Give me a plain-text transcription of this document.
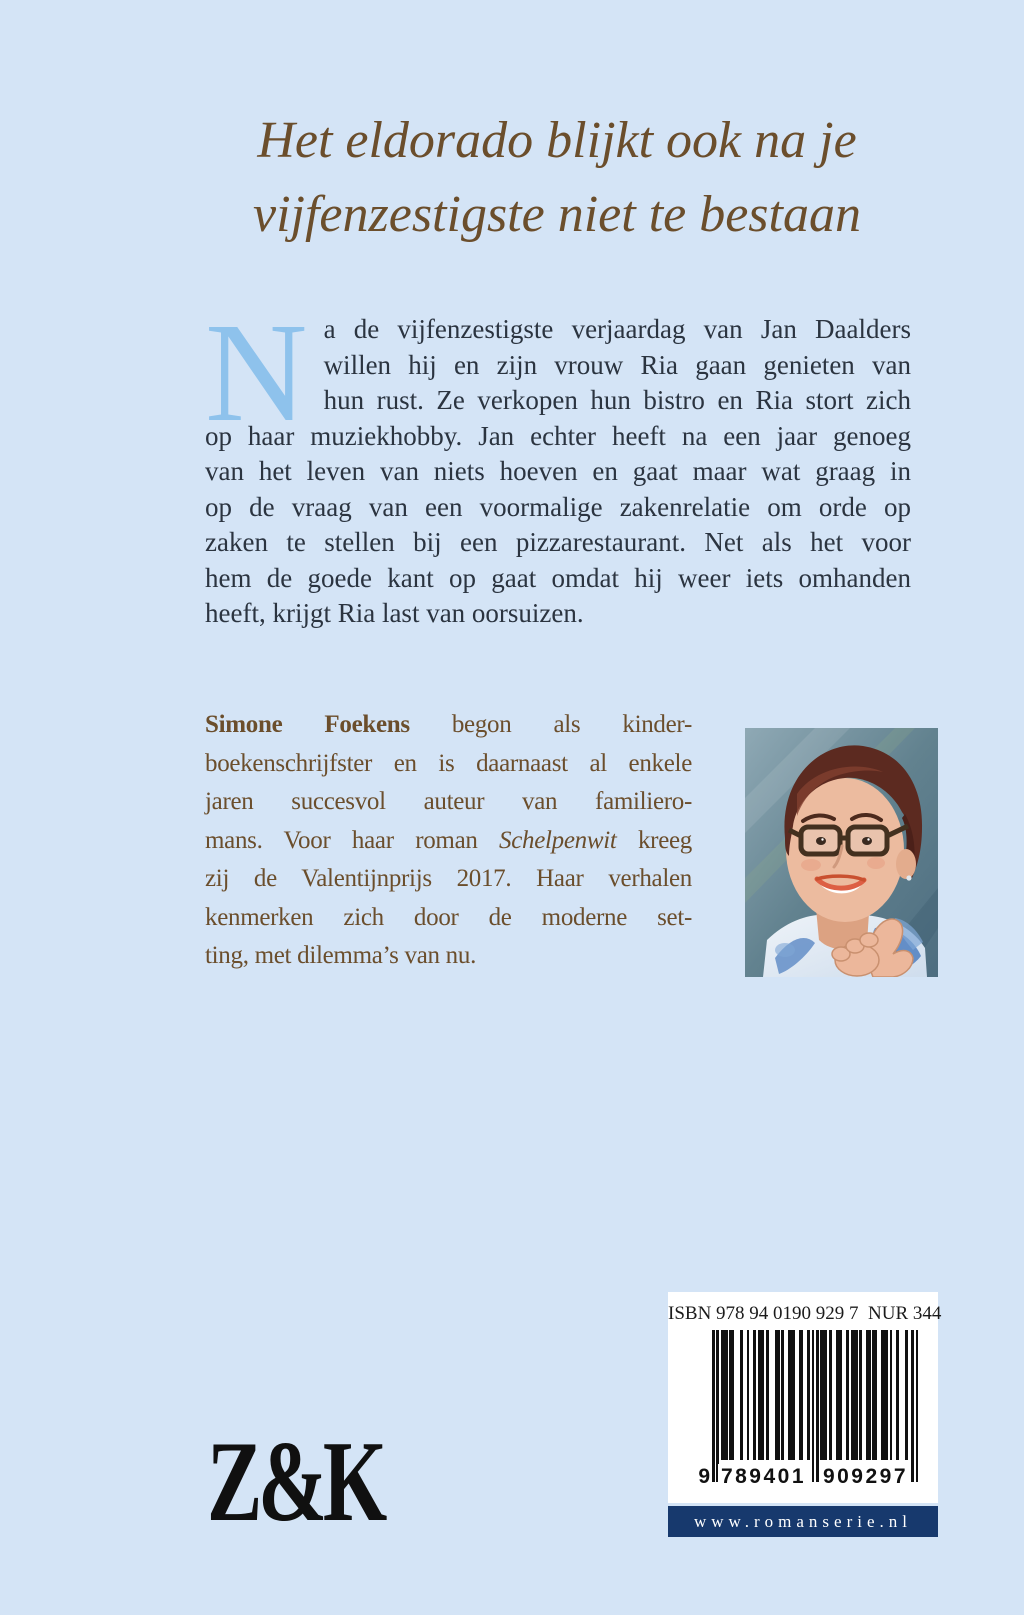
Het eldorado blijkt ook na je
vijfenzestigste niet te bestaan
N a de vijfenzestigste verjaardag van Jan Daalders
willen hij en zijn vrouw Ria gaan genieten van
hun rust. Ze verkopen hun bistro en Ria stort zich
op haar muziekhobby. Jan echter heeft na een jaar genoeg
van het leven van niets hoeven en gaat maar wat graag in
op de vraag van een voormalige zakenrelatie om orde op
zaken te stellen bij een pizzarestaurant. Net als het voor
hem de goede kant op gaat omdat hij weer iets omhanden
heeft, krijgt Ria last van oorsuizen.
Simone Foekens begon als kinder-
boekenschrijfster en is daarnaast al enkele
jaren succesvol auteur van familiero-
mans. Voor haar roman Schelpenwit kreeg
zij de Valentijnprijs 2017. Haar verhalen
kenmerken zich door de moderne set-
ting, met dilemma’s van nu.
Z&K
ISBN 978 94 0190 929 7  NUR 344
9 789401 909297
www.romanserie.nl
